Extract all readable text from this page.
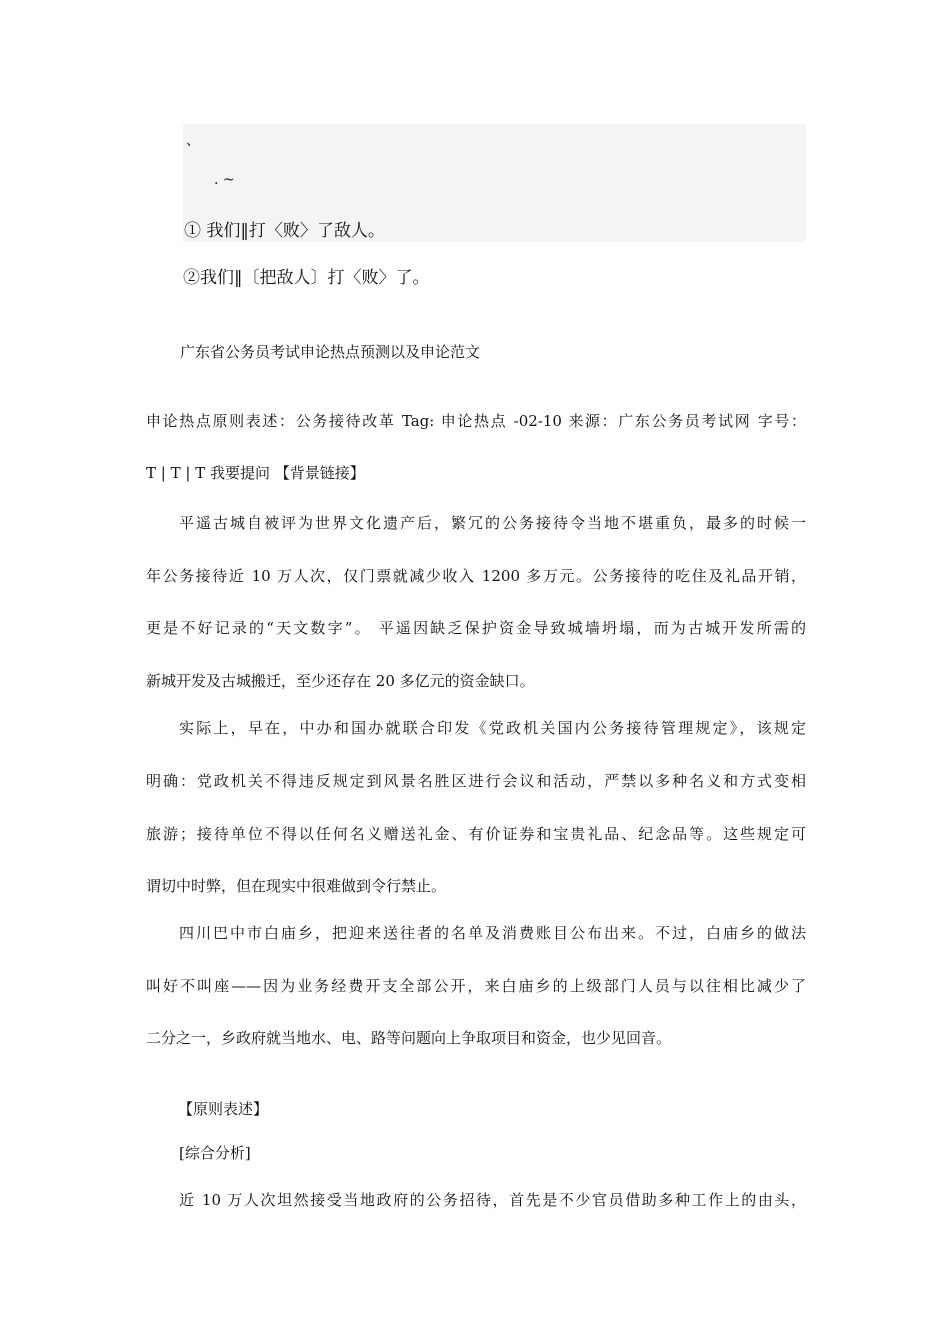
、
. ~
① 我们‖打〈败〉了敌人。
②我们‖〔把敌人〕打〈败〉了。
广东省公务员考试申论热点预测以及申论范文
申论热点原则表述：公务接待改革 Tag: 申论热点 -02-10 来源：广东公务员考试网 字号：
T | T | T 我要提问 【背景链接】
平遥古城自被评为世界文化遗产后，繁冗的公务接待令当地不堪重负，最多的时候一
年公务接待近 10 万人次，仅门票就减少收入 1200 多万元。公务接待的吃住及礼品开销，
更是不好记录的“天文数字”。 平遥因缺乏保护资金导致城墙坍塌，而为古城开发所需的
新城开发及古城搬迁，至少还存在 20 多亿元的资金缺口。
实际上，早在，中办和国办就联合印发《党政机关国内公务接待管理规定》，该规定
明确：党政机关不得违反规定到风景名胜区进行会议和活动，严禁以多种名义和方式变相
旅游；接待单位不得以任何名义赠送礼金、有价证券和宝贵礼品、纪念品等。这些规定可
谓切中时弊，但在现实中很难做到令行禁止。
四川巴中市白庙乡，把迎来送往者的名单及消费账目公布出来。不过，白庙乡的做法
叫好不叫座——因为业务经费开支全部公开，来白庙乡的上级部门人员与以往相比减少了
二分之一，乡政府就当地水、电、路等问题向上争取项目和资金，也少见回音。
【原则表述】
[综合分析]
近 10 万人次坦然接受当地政府的公务招待，首先是不少官员借助多种工作上的由头，
